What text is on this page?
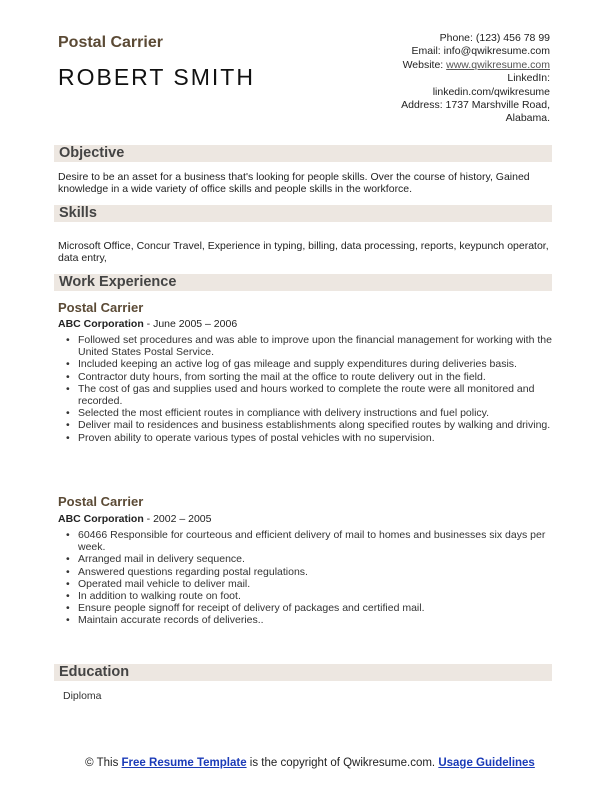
Postal Carrier
ROBERT SMITH
Phone: (123) 456 78 99
Email: info@qwikresume.com
Website: www.qwikresume.com
LinkedIn:
linkedin.com/qwikresume
Address: 1737 Marshville Road,
Alabama.
Objective
Desire to be an asset for a business that's looking for people skills. Over the course of history, Gained knowledge in a wide variety of office skills and people skills in the workforce.
Skills
Microsoft Office, Concur Travel, Experience in typing, billing, data processing, reports, keypunch operator, data entry,
Work Experience
Postal Carrier
ABC Corporation - June 2005 – 2006
• Followed set procedures and was able to improve upon the financial management for working with the United States Postal Service.
• Included keeping an active log of gas mileage and supply expenditures during deliveries basis.
• Contractor duty hours, from sorting the mail at the office to route delivery out in the field.
• The cost of gas and supplies used and hours worked to complete the route were all monitored and recorded.
• Selected the most efficient routes in compliance with delivery instructions and fuel policy.
• Deliver mail to residences and business establishments along specified routes by walking and driving.
• Proven ability to operate various types of postal vehicles with no supervision.
Postal Carrier
ABC Corporation - 2002 – 2005
• 60466 Responsible for courteous and efficient delivery of mail to homes and businesses six days per week.
• Arranged mail in delivery sequence.
• Answered questions regarding postal regulations.
• Operated mail vehicle to deliver mail.
• In addition to walking route on foot.
• Ensure people signoff for receipt of delivery of packages and certified mail.
• Maintain accurate records of deliveries..
Education
Diploma
© This Free Resume Template is the copyright of Qwikresume.com. Usage Guidelines
